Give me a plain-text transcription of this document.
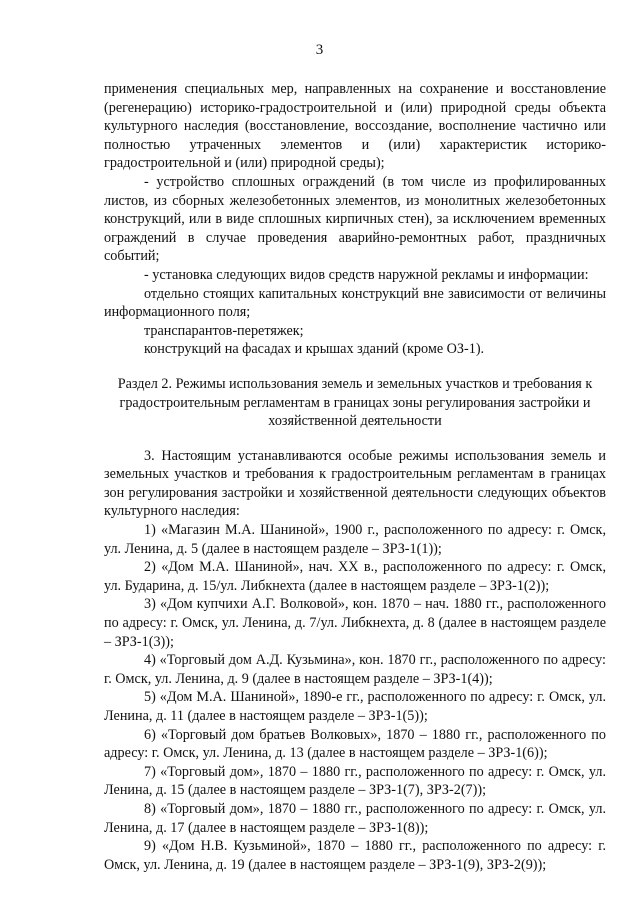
3

применения специальных мер, направленных на сохранение и восстановление (регенерацию) историко-градостроительной и (или) природной среды объекта культурного наследия (восстановление, воссоздание, восполнение частично или полностью утраченных элементов и (или) характеристик историко-градостроительной и (или) природной среды);

- устройство сплошных ограждений (в том числе из профилированных листов, из сборных железобетонных элементов, из монолитных железобетонных конструкций, или в виде сплошных кирпичных стен), за исключением временных ограждений в случае проведения аварийно-ремонтных работ, праздничных событий;

- установка следующих видов средств наружной рекламы и информации:

отдельно стоящих капитальных конструкций вне зависимости от величины информационного поля;

транспарантов-перетяжек;

конструкций на фасадах и крышах зданий (кроме ОЗ-1).

Раздел 2. Режимы использования земель и земельных участков и требования к градостроительным регламентам в границах зоны регулирования застройки и хозяйственной деятельности

3. Настоящим устанавливаются особые режимы использования земель и земельных участков и требования к градостроительным регламентам в границах зон регулирования застройки и хозяйственной деятельности следующих объектов культурного наследия:

1) «Магазин М.А. Шаниной», 1900 г., расположенного по адресу: г. Омск, ул. Ленина, д. 5 (далее в настоящем разделе – ЗРЗ-1(1));

2) «Дом М.А. Шаниной», нач. XX в., расположенного по адресу: г. Омск, ул. Бударина, д. 15/ул. Либкнехта (далее в настоящем разделе – ЗРЗ-1(2));

3) «Дом купчихи А.Г. Волковой», кон. 1870 – нач. 1880 гг., расположенного по адресу: г. Омск, ул. Ленина, д. 7/ул. Либкнехта, д. 8 (далее в настоящем разделе – ЗРЗ-1(3));

4) «Торговый дом А.Д. Кузьмина», кон. 1870 гг., расположенного по адресу: г. Омск, ул. Ленина, д. 9 (далее в настоящем разделе – ЗРЗ-1(4));

5) «Дом М.А. Шаниной», 1890-е гг., расположенного по адресу: г. Омск, ул. Ленина, д. 11 (далее в настоящем разделе – ЗРЗ-1(5));

6) «Торговый дом братьев Волковых», 1870 – 1880 гг., расположенного по адресу: г. Омск, ул. Ленина, д. 13 (далее в настоящем разделе – ЗРЗ-1(6));

7) «Торговый дом», 1870 – 1880 гг., расположенного по адресу: г. Омск, ул. Ленина, д. 15 (далее в настоящем разделе – ЗРЗ-1(7), ЗРЗ-2(7));

8) «Торговый дом», 1870 – 1880 гг., расположенного по адресу: г. Омск, ул. Ленина, д. 17 (далее в настоящем разделе – ЗРЗ-1(8));

9) «Дом Н.В. Кузьминой», 1870 – 1880 гг., расположенного по адресу: г. Омск, ул. Ленина, д. 19 (далее в настоящем разделе – ЗРЗ-1(9), ЗРЗ-2(9));
